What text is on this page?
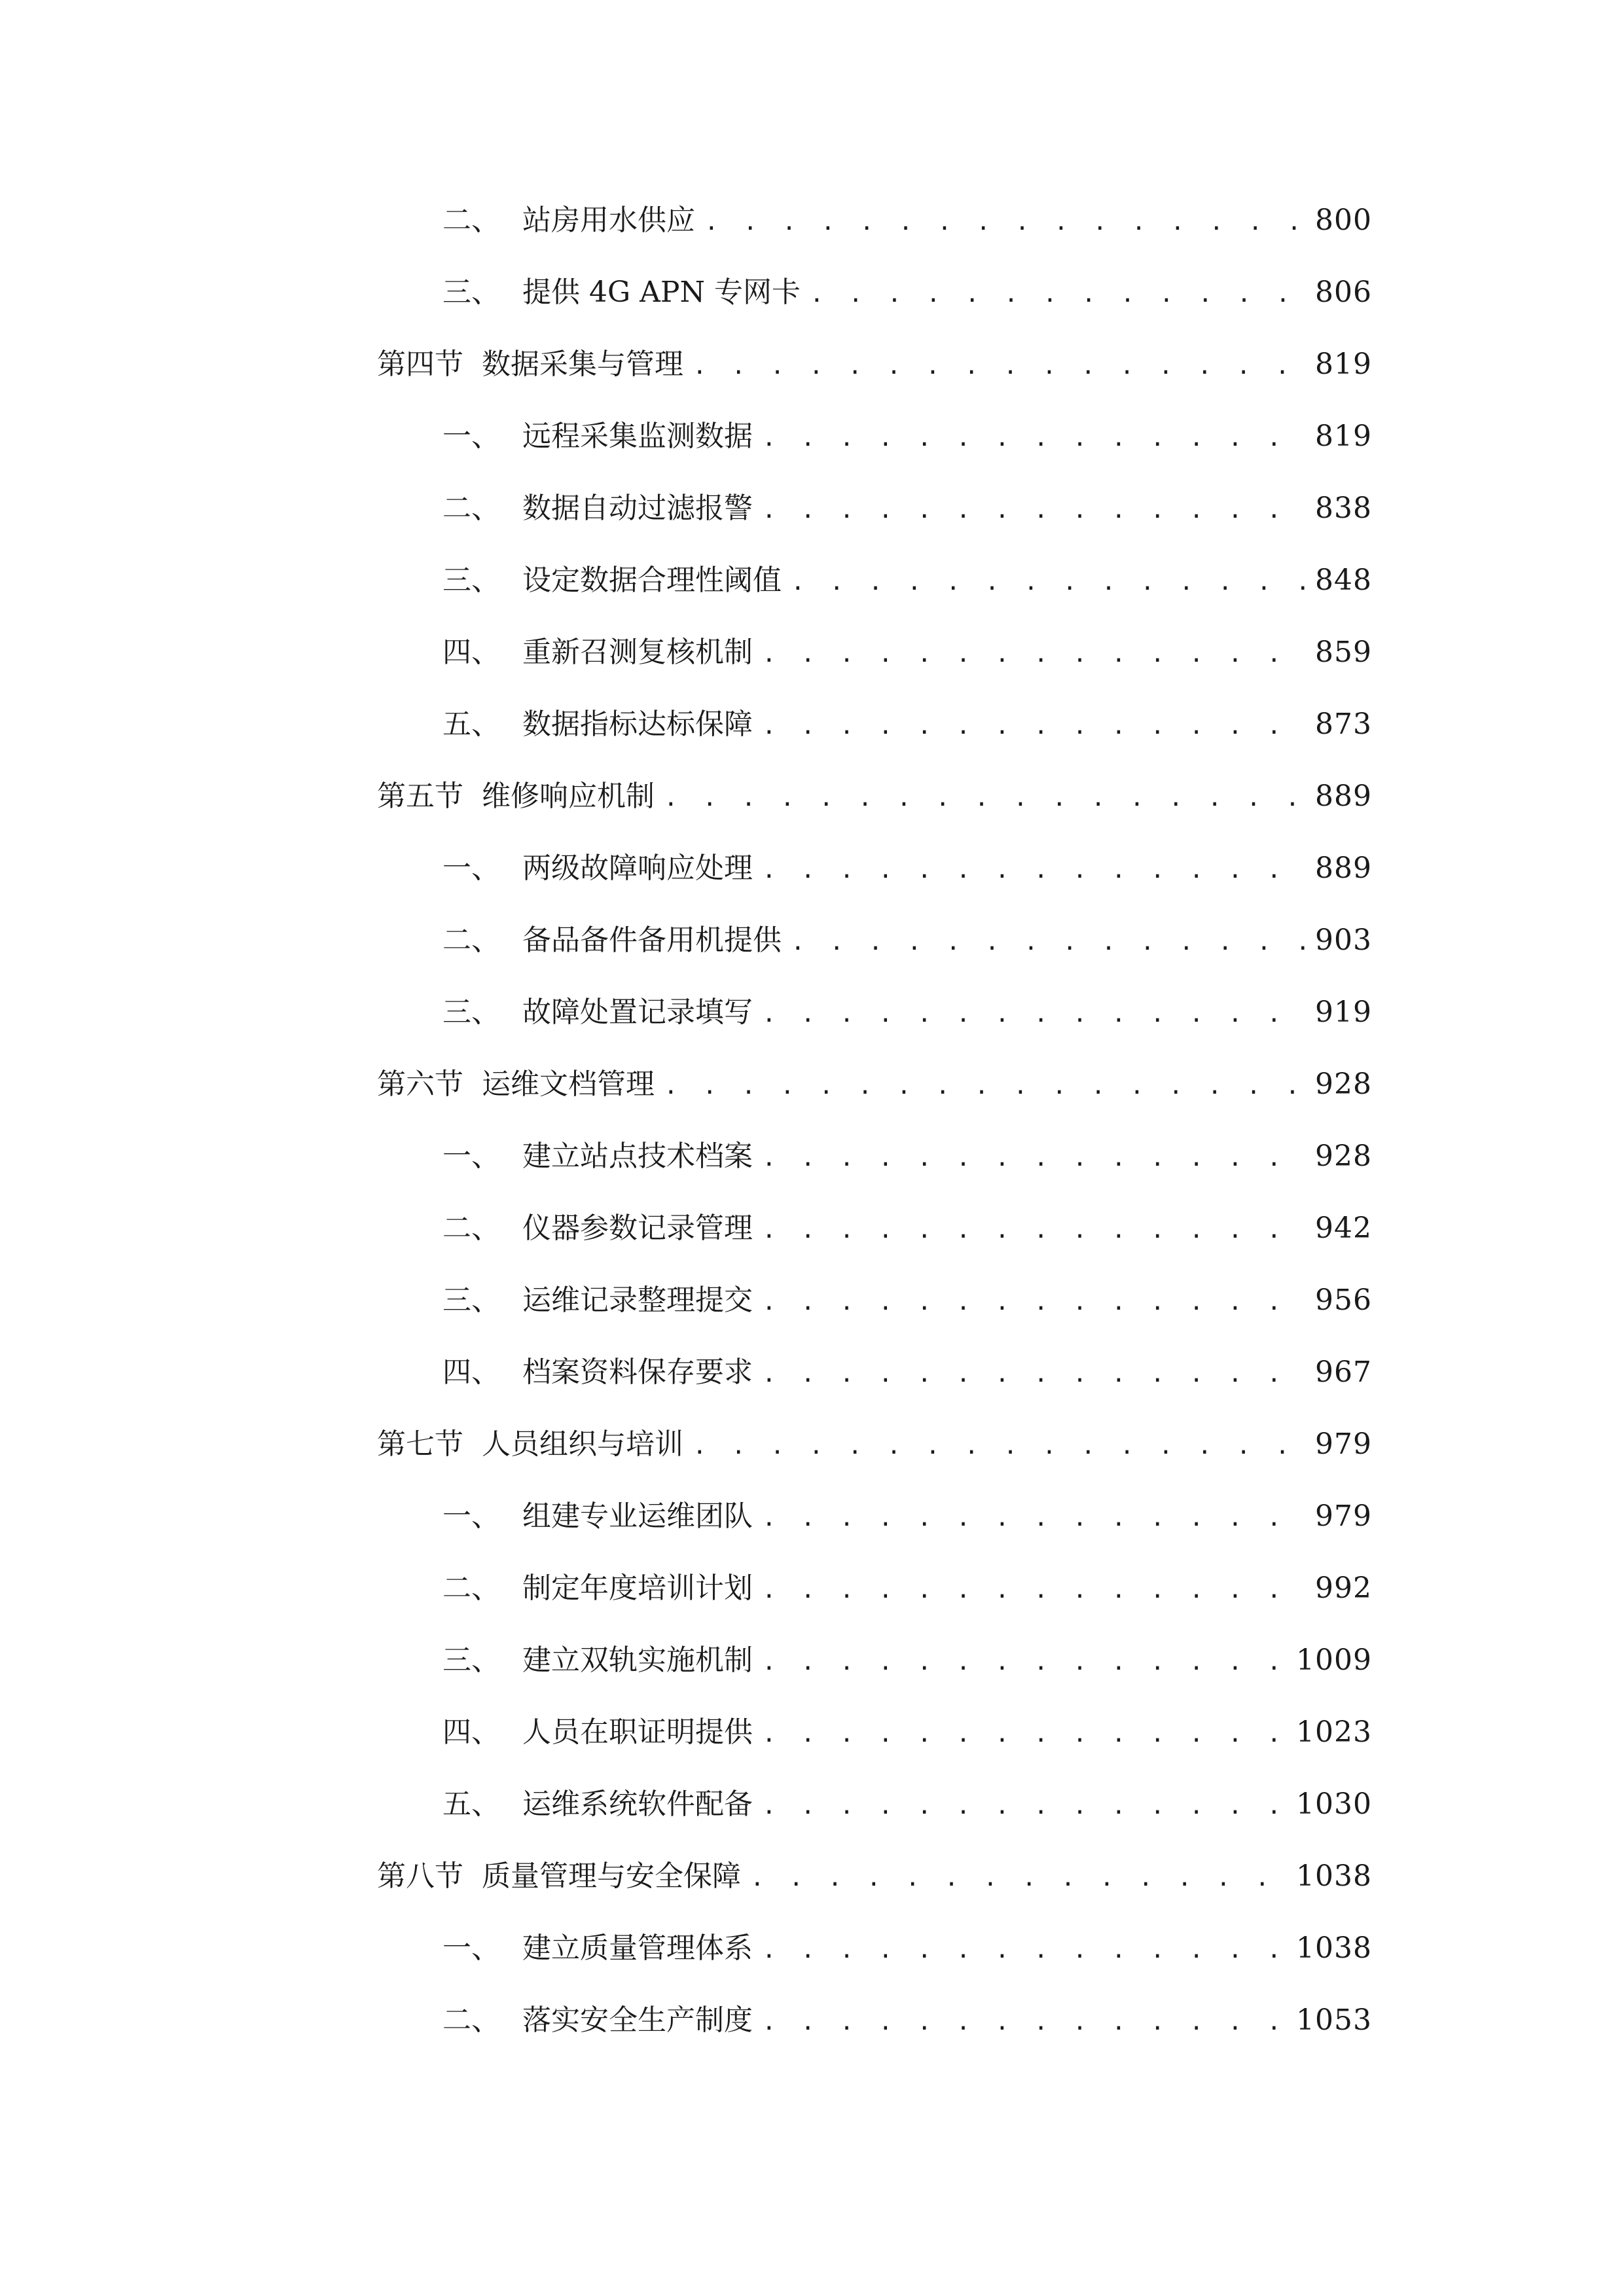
二、 站房用水供应 . . .	800
三、 提供 4G APN 专网卡 . . .	806
第四节 数据采集与管理 . . .	819
一、 远程采集监测数据 . . .	819
二、 数据自动过滤报警 . . .	838
三、 设定数据合理性阈值 . . .	848
四、 重新召测复核机制 . . .	859
五、 数据指标达标保障 . . .	873
第五节 维修响应机制 . . .	889
一、 两级故障响应处理 . . .	889
二、 备品备件备用机提供 . . .	903
三、 故障处置记录填写 . . .	919
第六节 运维文档管理 . . .	928
一、 建立站点技术档案 . . .	928
二、 仪器参数记录管理 . . .	942
三、 运维记录整理提交 . . .	956
四、 档案资料保存要求 . . .	967
第七节 人员组织与培训 . . .	979
一、 组建专业运维团队 . . .	979
二、 制定年度培训计划 . . .	992
三、 建立双轨实施机制 . . .	1009
四、 人员在职证明提供 . . .	1023
五、 运维系统软件配备 . . .	1030
第八节 质量管理与安全保障 . . .	1038
一、 建立质量管理体系 . . .	1038
二、 落实安全生产制度 . . .	1053
